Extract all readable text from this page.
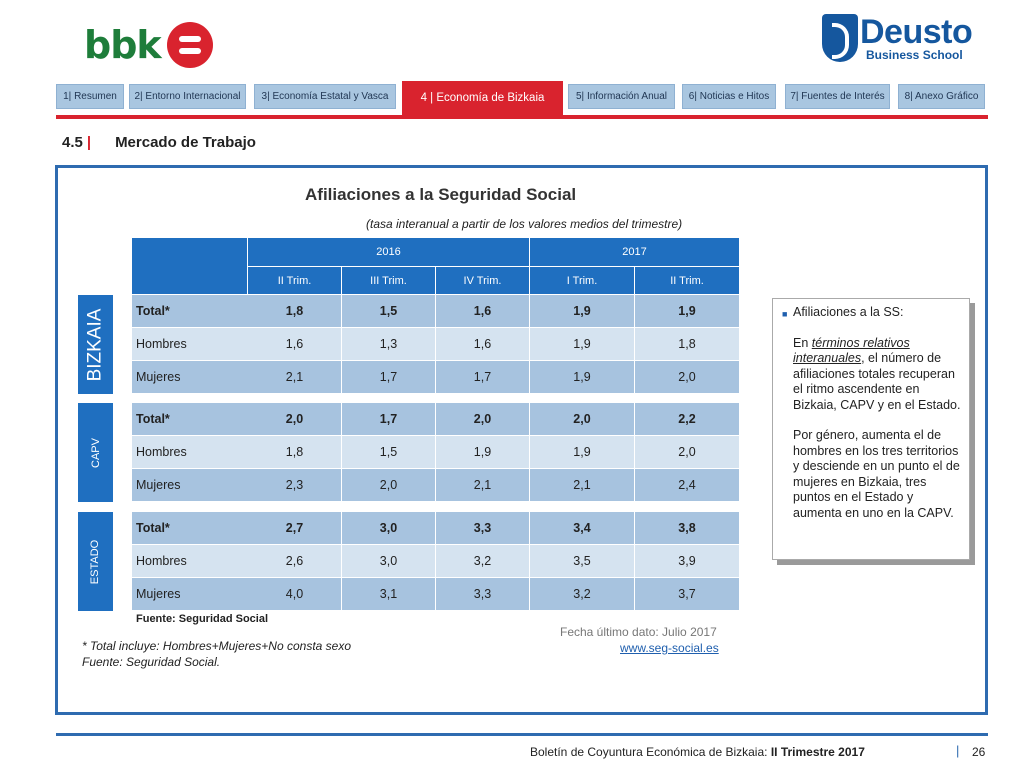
bbk	Deusto
Business School
1| Resumen	2| Entorno Internacional	3| Economía Estatal y Vasca	4 | Economía de Bizkaia	5| Información Anual	6| Noticias e Hitos	7| Fuentes de Interés	8| Anexo Gráfico
4.5 | Mercado de Trabajo
Afiliaciones a la Seguridad Social
(tasa interanual a partir de los valores medios del trimestre)
2016	2017
II Trim.	III Trim.	IV Trim.	I Trim.	II Trim.
BIZKAIA
CAPV
ESTADO
Total*	1,8	1,5	1,6	1,9	1,9
Hombres	1,6	1,3	1,6	1,9	1,8
Mujeres	2,1	1,7	1,7	1,9	2,0
Total*	2,0	1,7	2,0	2,0	2,2
Hombres	1,8	1,5	1,9	1,9	2,0
Mujeres	2,3	2,0	2,1	2,1	2,4
Total*	2,7	3,0	3,3	3,4	3,8
Hombres	2,6	3,0	3,2	3,5	3,9
Mujeres	4,0	3,1	3,3	3,2	3,7
Fuente: Seguridad Social
Fecha último dato: Julio 2017
www.seg-social.es
* Total incluye: Hombres+Mujeres+No consta sexo
Fuente: Seguridad Social.
■ Afiliaciones a la SS:

En términos relativos interanuales, el número de afiliaciones totales recuperan el ritmo ascendente en Bizkaia, CAPV y en el Estado.

Por género, aumenta el de hombres en los tres territorios y desciende en un punto el de mujeres en Bizkaia, tres puntos en el Estado y aumenta en uno en la CAPV.

Boletín de Coyuntura Económica de Bizkaia: II Trimestre 2017	| 26
